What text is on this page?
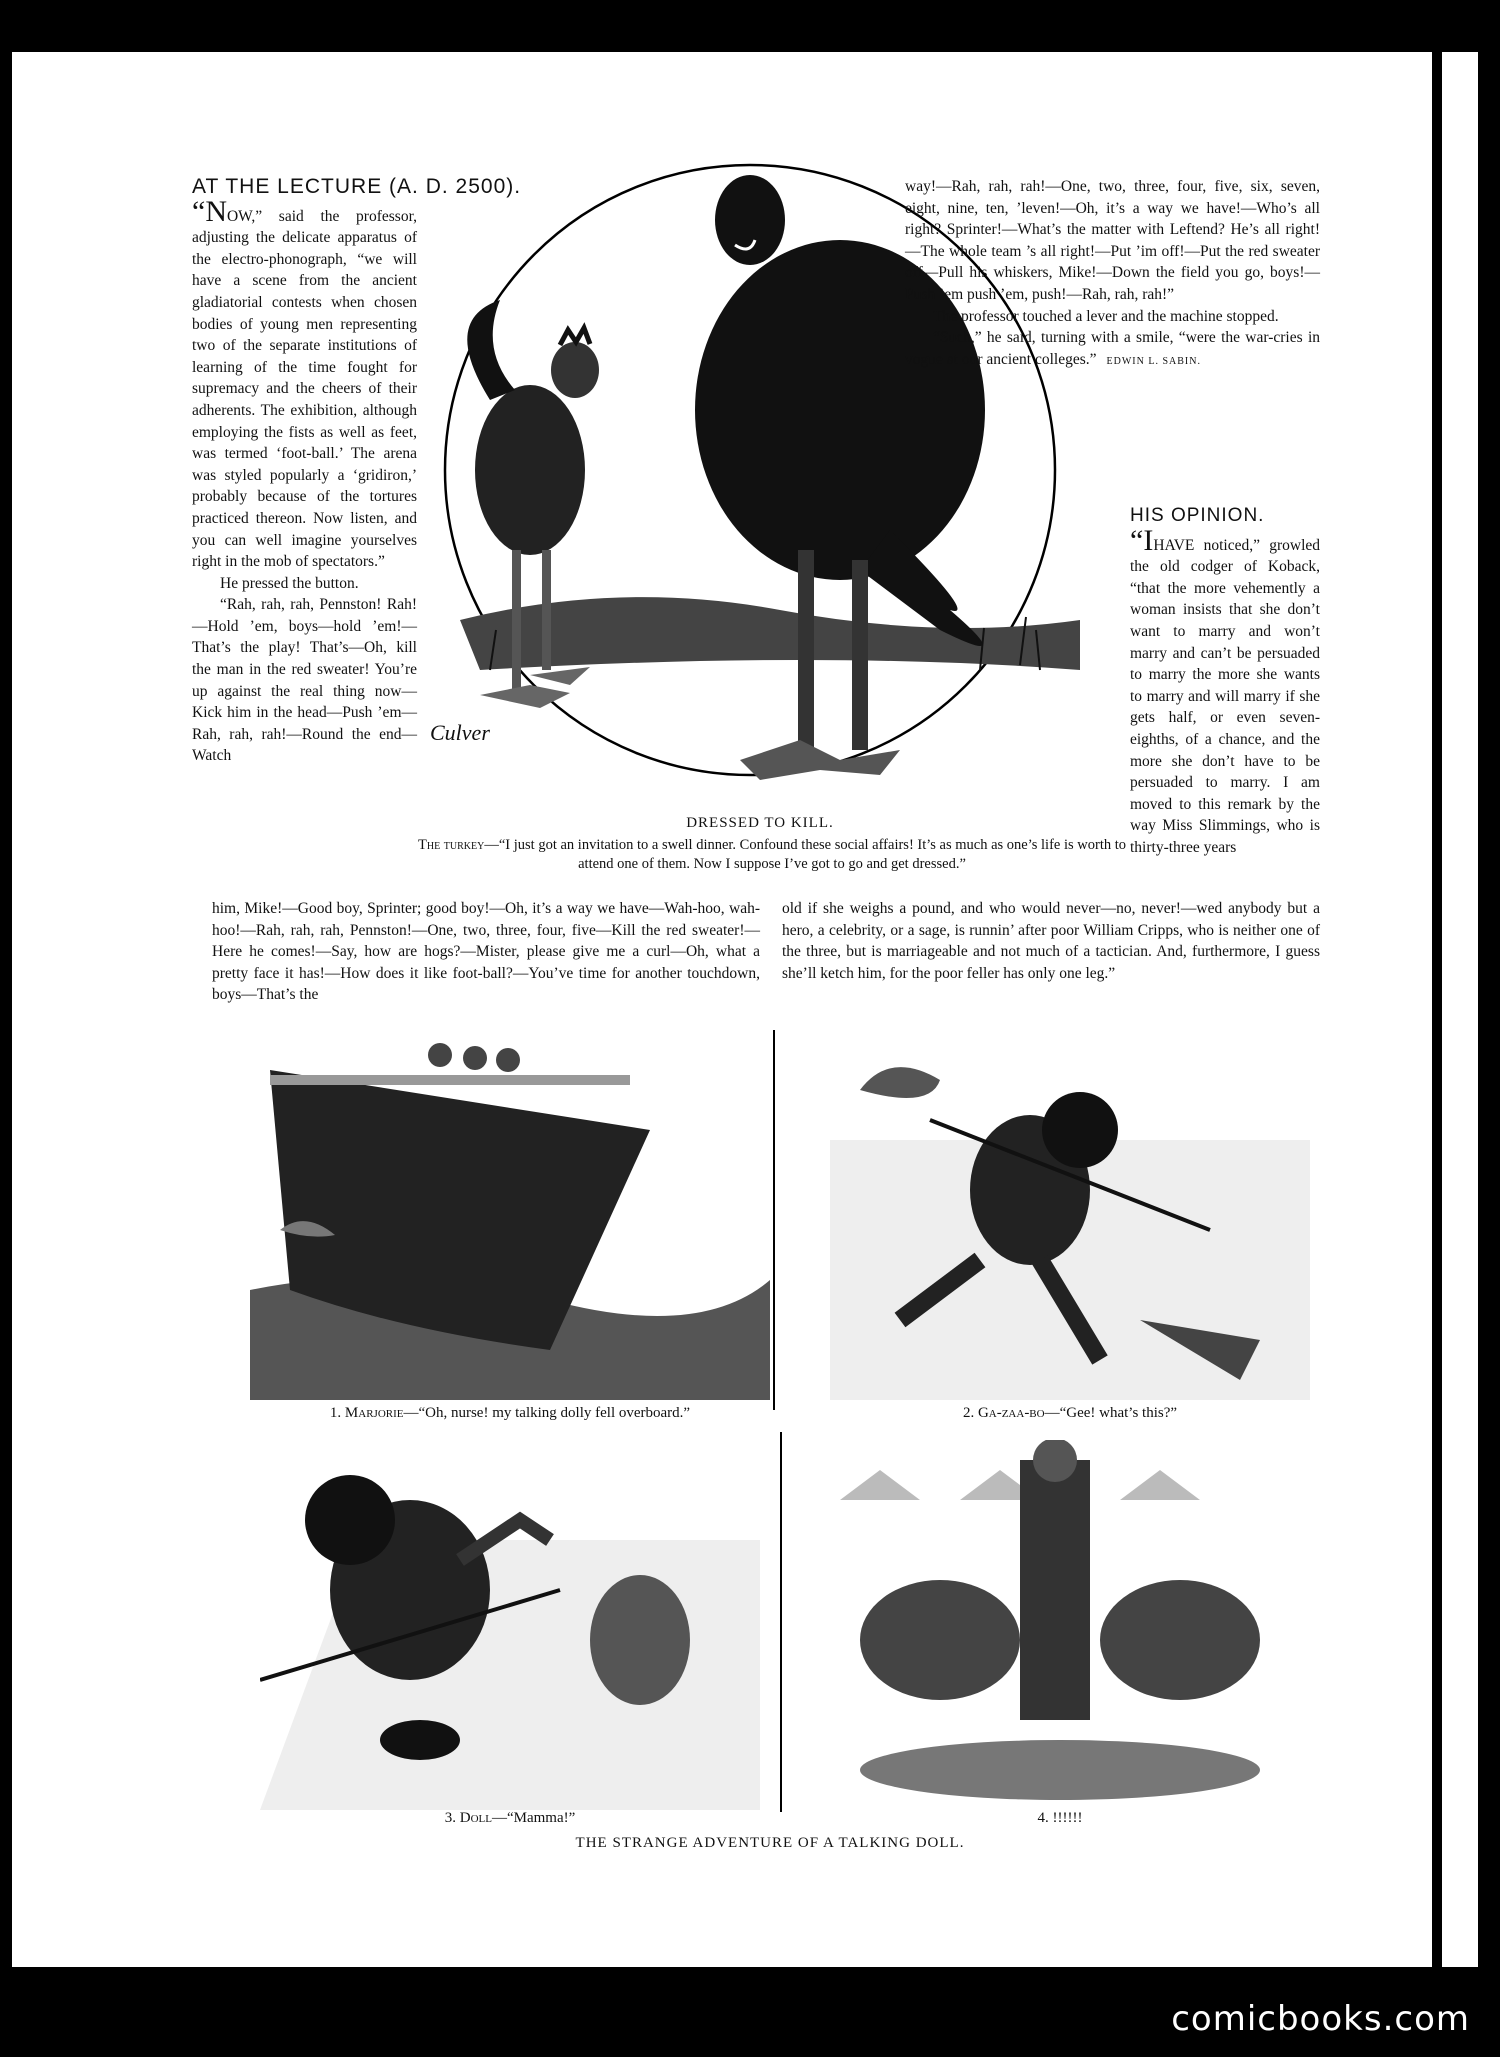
AT THE LECTURE (A. D. 2500).

“NOW,” said the professor, adjusting the delicate apparatus of the electro-phonograph, “we will have a scene from the ancient gladiatorial contests when chosen bodies of young men representing two of the separate institutions of learning of the time fought for supremacy and the cheers of their adherents. The exhibition, although employing the fists as well as feet, was termed ‘foot-ball.’ The arena was styled popularly a ‘gridiron,’ probably because of the tortures practiced thereon. Now listen, and you can well imagine yourselves right in the mob of spectators.”

He pressed the button.

“Rah, rah, rah, Pennston! Rah!—Hold ’em, boys—hold ’em!—That’s the play! That’s—Oh, kill the man in the red sweater! You’re up against the real thing now—Kick him in the head—Push ’em—Rah, rah, rah!—Round the end—Watch

Culver
DRESSED TO KILL.
The turkey—“I just got an invitation to a swell dinner. Confound these social affairs! It’s as much as one’s life is worth to attend one of them. Now I suppose I’ve got to go and get dressed.”
him, Mike!—Good boy, Sprinter; good boy!—Oh, it’s a way we have—Wah-hoo, wah-hoo!—Rah, rah, rah, Pennston!—One, two, three, four, five—Kill the red sweater!—Here he comes!—Say, how are hogs?—Mister, please give me a curl—Oh, what a pretty face it has!—How does it like foot-ball?—You’ve time for another touchdown, boys—That’s the

way!—Rah, rah, rah!—One, two, three, four, five, six, seven, eight, nine, ten, ’leven!—Oh, it’s a way we have!—Who’s all right? Sprinter!—What’s the matter with Leftend? He’s all right!—The whole team ’s all right!—Put ’im off!—Put the red sweater off—Pull his whiskers, Mike!—Down the field you go, boys!—Push ’em push ’em, push!—Rah, rah, rah!”

The professor touched a lever and the machine stopped.

“Such,” he said, turning with a smile, “were the war-cries in vogue at our ancient colleges.” EDWIN L. SABIN.

HIS OPINION.

“IHAVE noticed,” growled the old codger of Koback, “that the more vehemently a woman insists that she don’t want to marry and won’t marry and can’t be persuaded to marry the more she wants to marry and will marry if she gets half, or even seven-eighths, of a chance, and the more she don’t have to be persuaded to marry. I am moved to this remark by the way Miss Slimmings, who is thirty-three years

old if she weighs a pound, and who would never—no, never!—wed anybody but a hero, a celebrity, or a sage, is runnin’ after poor William Cripps, who is neither one of the three, but is marriageable and not much of a tactician. And, furthermore, I guess she’ll ketch him, for the poor feller has only one leg.”
1. Marjorie—“Oh, nurse! my talking dolly fell overboard.”	2. Ga-zaa-bo—“Gee! what’s this?”
3. Doll—“Mamma!”	4. !!!!!!
THE STRANGE ADVENTURE OF A TALKING DOLL.
comicbooks.com
